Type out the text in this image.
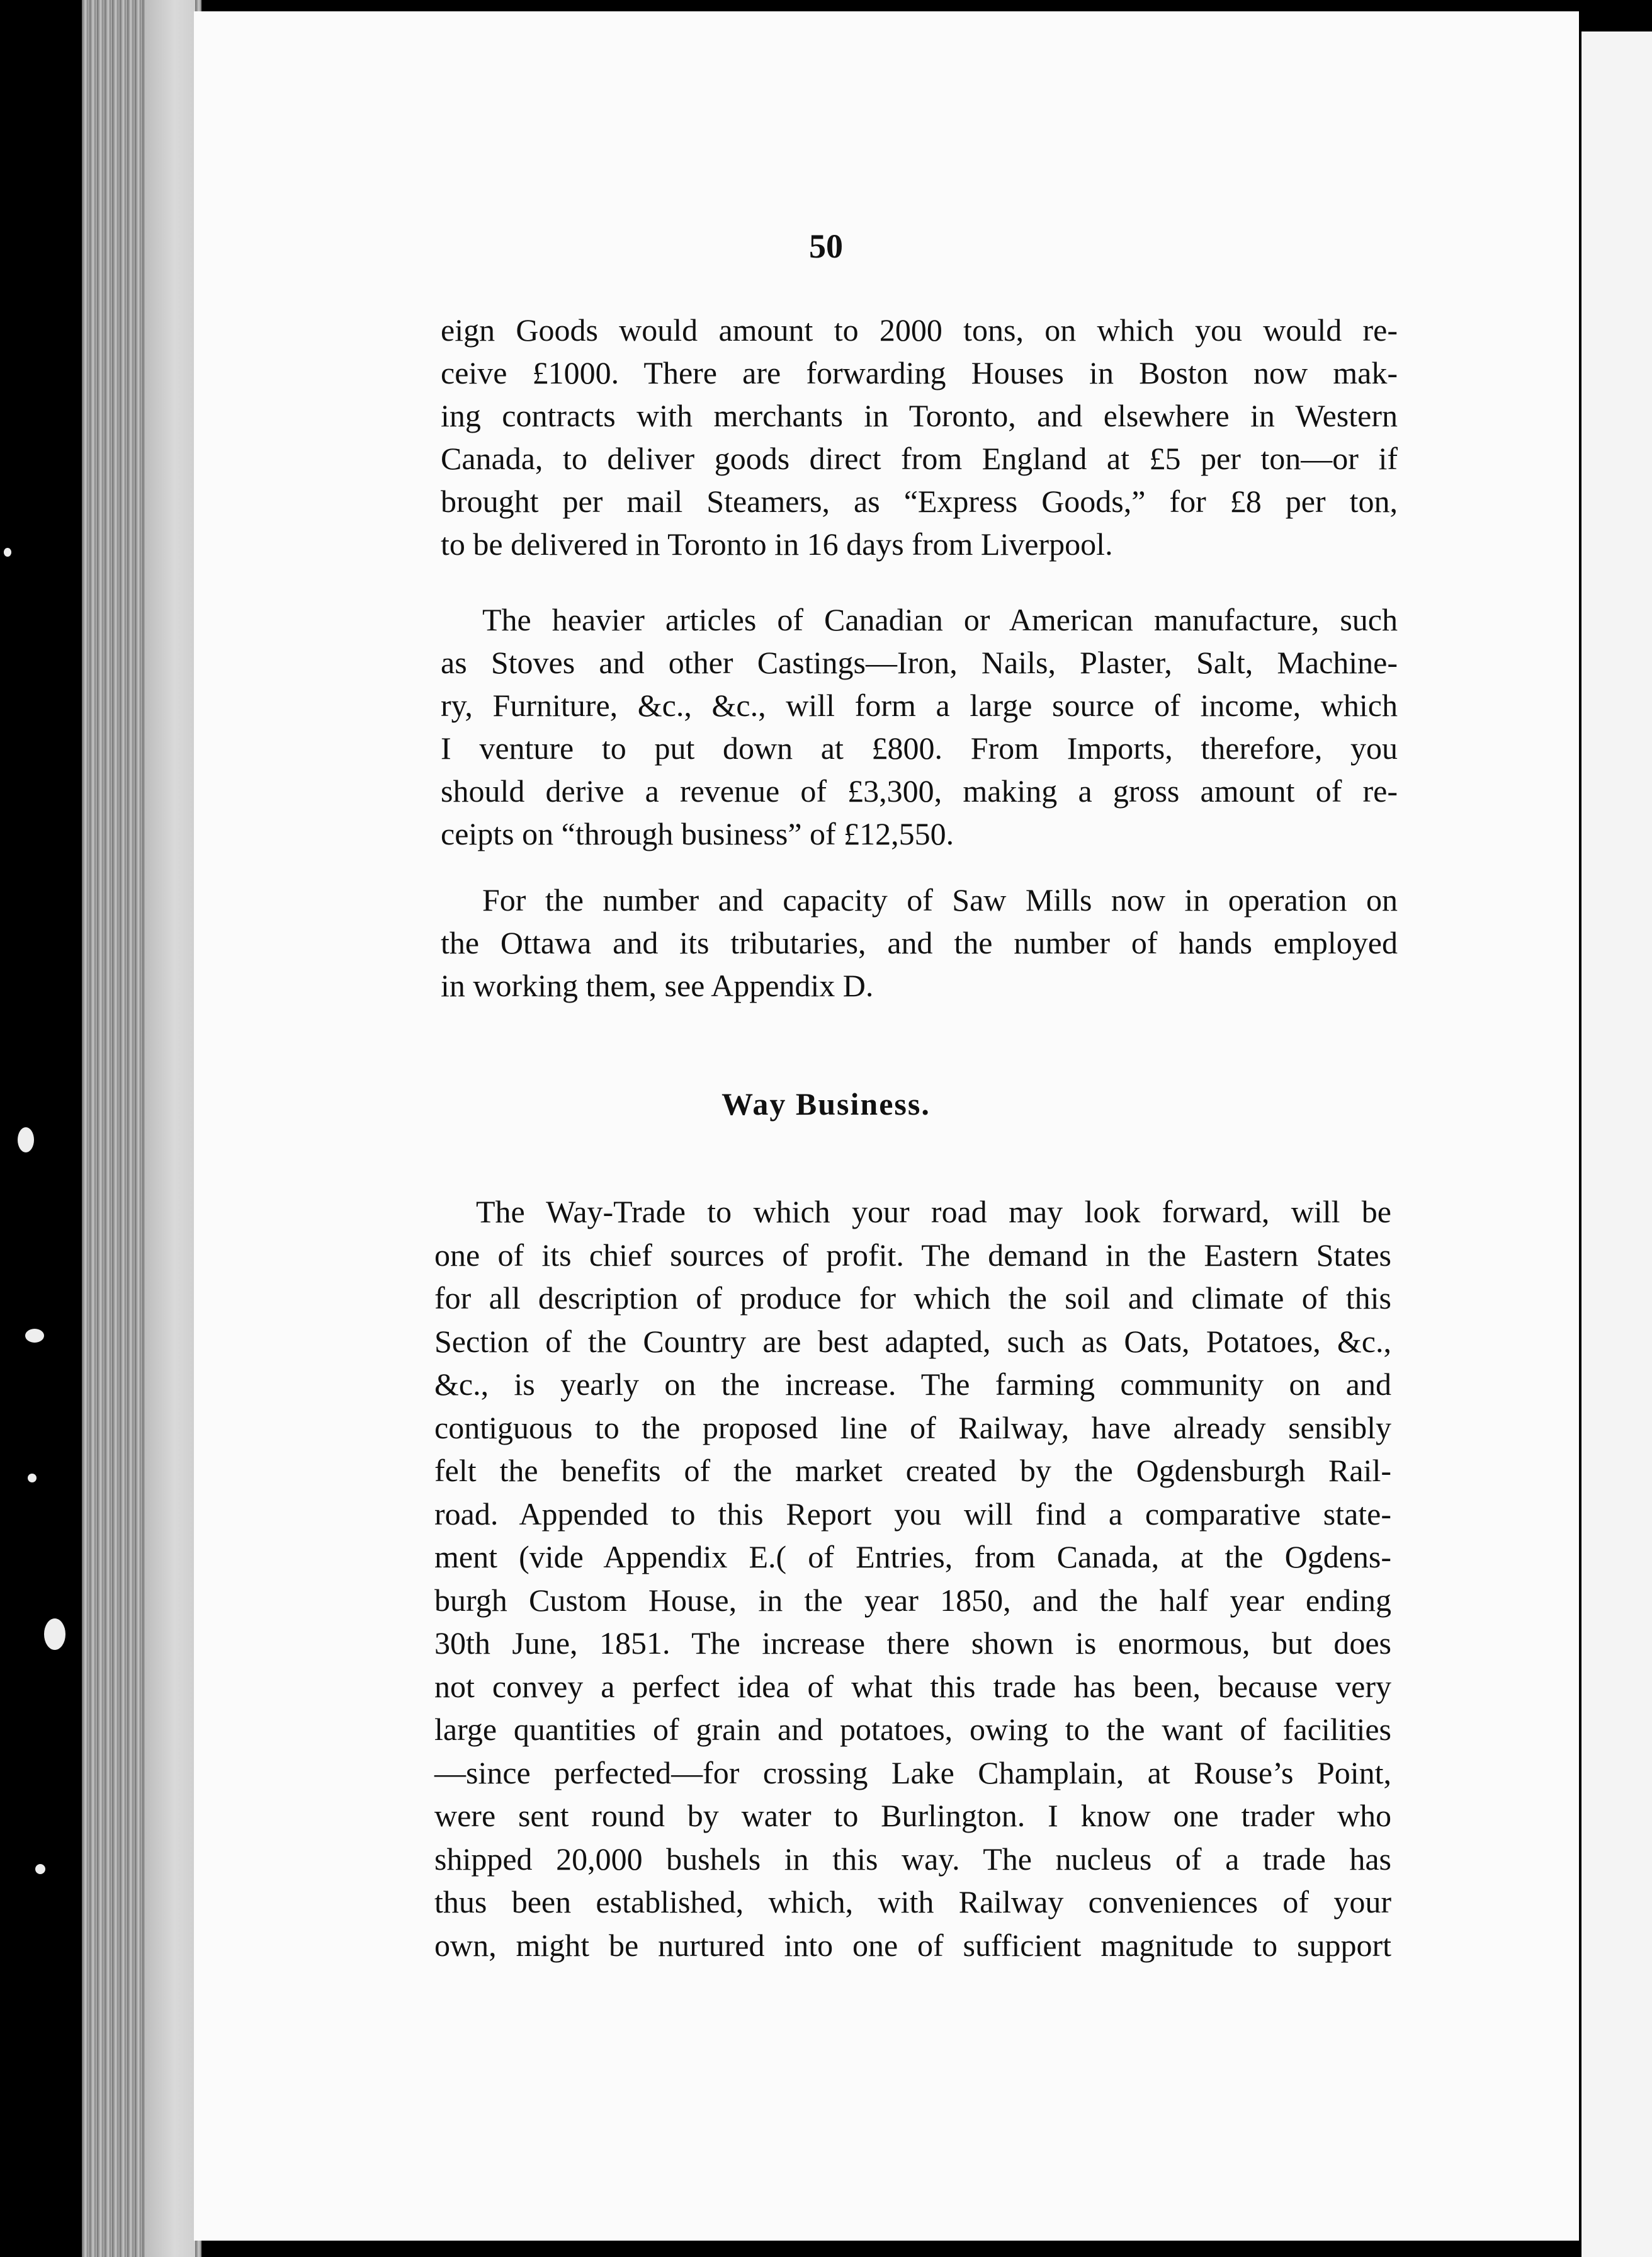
50
eign Goods would amount to 2000 tons, on which you would re-
ceive £1000. There are forwarding Houses in Boston now mak-
ing contracts with merchants in Toronto, and elsewhere in Western
Canada, to deliver goods direct from England at £5 per ton—or if
brought per mail Steamers, as “Express Goods,” for £8 per ton,
to be delivered in Toronto in 16 days from Liverpool.
The heavier articles of Canadian or American manufacture, such
as Stoves and other Castings—Iron, Nails, Plaster, Salt, Machine-
ry, Furniture, &c., &c., will form a large source of income, which
I venture to put down at £800. From Imports, therefore, you
should derive a revenue of £3,300, making a gross amount of re-
ceipts on “through business” of £12,550.
For the number and capacity of Saw Mills now in operation on
the Ottawa and its tributaries, and the number of hands employed
in working them, see Appendix D.
Way Business.
The Way-Trade to which your road may look forward, will be
one of its chief sources of profit. The demand in the Eastern States
for all description of produce for which the soil and climate of this
Section of the Country are best adapted, such as Oats, Potatoes, &c.,
&c., is yearly on the increase. The farming community on and
contiguous to the proposed line of Railway, have already sensibly
felt the benefits of the market created by the Ogdensburgh Rail-
road. Appended to this Report you will find a comparative state-
ment (vide Appendix E.( of Entries, from Canada, at the Ogdens-
burgh Custom House, in the year 1850, and the half year ending
30th June, 1851. The increase there shown is enormous, but does
not convey a perfect idea of what this trade has been, because very
large quantities of grain and potatoes, owing to the want of facilities
—since perfected—for crossing Lake Champlain, at Rouse’s Point,
were sent round by water to Burlington. I know one trader who
shipped 20,000 bushels in this way. The nucleus of a trade has
thus been established, which, with Railway conveniences of your
own, might be nurtured into one of sufficient magnitude to support
